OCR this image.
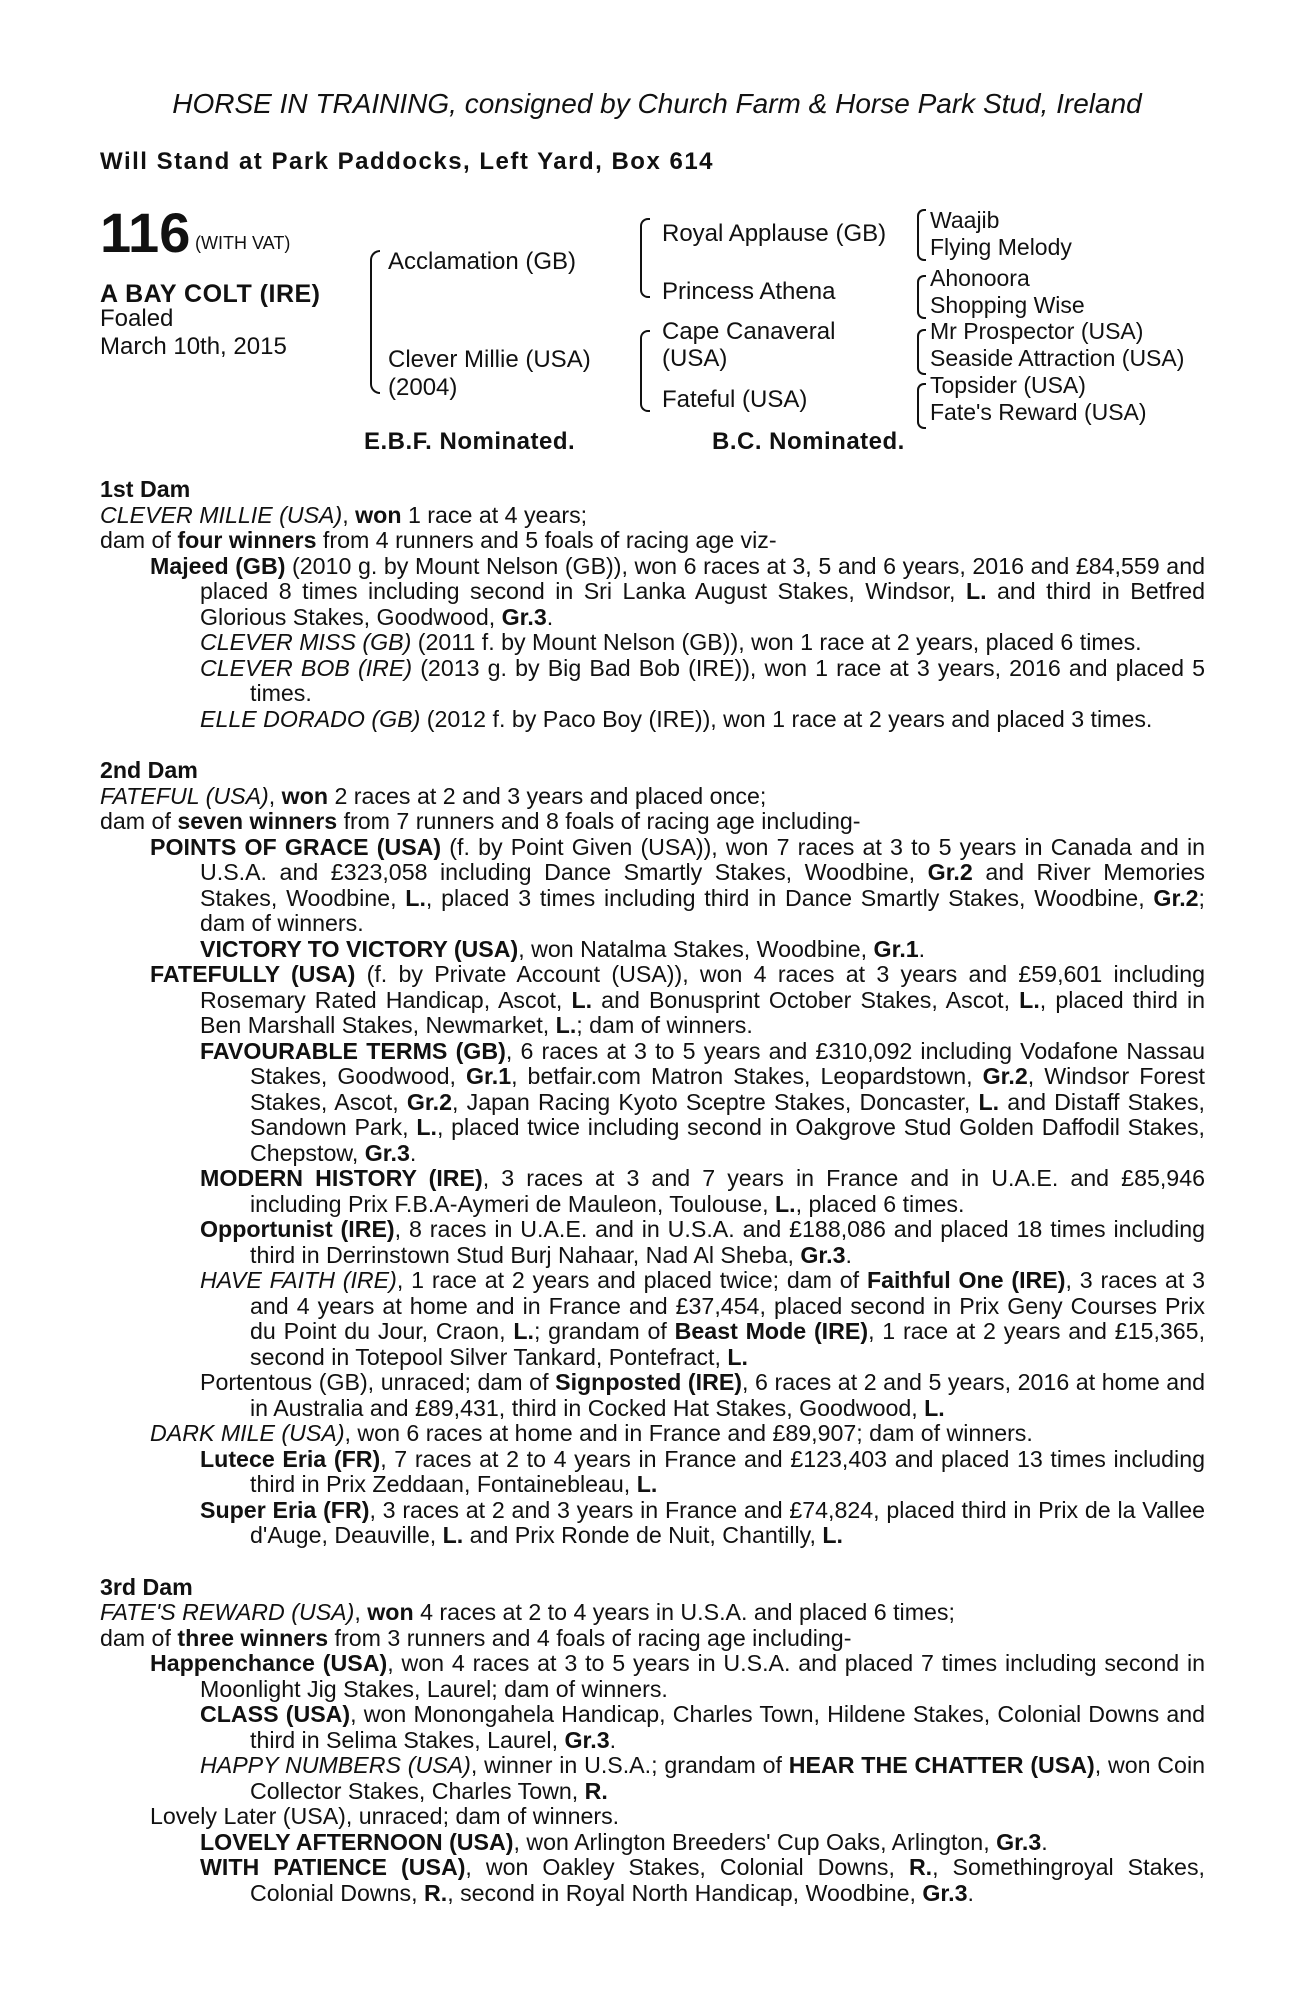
HORSE IN TRAINING, consigned by Church Farm & Horse Park Stud, Ireland
Will Stand at Park Paddocks, Left Yard, Box 614
116 (WITH VAT)
A BAY COLT (IRE)
Foaled
March 10th, 2015
Acclamation (GB)
Clever Millie (USA)
(2004)
Royal Applause (GB)
Princess Athena
Cape Canaveral
(USA)
Fateful (USA)
Waajib
Flying Melody
Ahonoora
Shopping Wise
Mr Prospector (USA)
Seaside Attraction (USA)
Topsider (USA)
Fate's Reward (USA)
E.B.F. Nominated.	B.C. Nominated.

1st Dam

CLEVER MILLIE (USA), won 1 race at 4 years;

dam of four winners from 4 runners and 5 foals of racing age viz-

Majeed (GB) (2010 g. by Mount Nelson (GB)), won 6 races at 3, 5 and 6 years, 2016 and £84,559 and placed 8 times including second in Sri Lanka August Stakes, Windsor, L. and third in Betfred Glorious Stakes, Goodwood, Gr.3.

CLEVER MISS (GB) (2011 f. by Mount Nelson (GB)), won 1 race at 2 years, placed 6 times.

CLEVER BOB (IRE) (2013 g. by Big Bad Bob (IRE)), won 1 race at 3 years, 2016 and placed 5 times.

ELLE DORADO (GB) (2012 f. by Paco Boy (IRE)), won 1 race at 2 years and placed 3 times.

2nd Dam

FATEFUL (USA), won 2 races at 2 and 3 years and placed once;

dam of seven winners from 7 runners and 8 foals of racing age including-

POINTS OF GRACE (USA) (f. by Point Given (USA)), won 7 races at 3 to 5 years in Canada and in U.S.A. and £323,058 including Dance Smartly Stakes, Woodbine, Gr.2 and River Memories Stakes, Woodbine, L., placed 3 times including third in Dance Smartly Stakes, Woodbine, Gr.2; dam of winners.

VICTORY TO VICTORY (USA), won Natalma Stakes, Woodbine, Gr.1.

FATEFULLY (USA) (f. by Private Account (USA)), won 4 races at 3 years and £59,601 including Rosemary Rated Handicap, Ascot, L. and Bonusprint October Stakes, Ascot, L., placed third in Ben Marshall Stakes, Newmarket, L.; dam of winners.

FAVOURABLE TERMS (GB), 6 races at 3 to 5 years and £310,092 including Vodafone Nassau Stakes, Goodwood, Gr.1, betfair.com Matron Stakes, Leopardstown, Gr.2, Windsor Forest Stakes, Ascot, Gr.2, Japan Racing Kyoto Sceptre Stakes, Doncaster, L. and Distaff Stakes, Sandown Park, L., placed twice including second in Oakgrove Stud Golden Daffodil Stakes, Chepstow, Gr.3.

MODERN HISTORY (IRE), 3 races at 3 and 7 years in France and in U.A.E. and £85,946 including Prix F.B.A-Aymeri de Mauleon, Toulouse, L., placed 6 times.

Opportunist (IRE), 8 races in U.A.E. and in U.S.A. and £188,086 and placed 18 times including third in Derrinstown Stud Burj Nahaar, Nad Al Sheba, Gr.3.

HAVE FAITH (IRE), 1 race at 2 years and placed twice; dam of Faithful One (IRE), 3 races at 3 and 4 years at home and in France and £37,454, placed second in Prix Geny Courses Prix du Point du Jour, Craon, L.; grandam of Beast Mode (IRE), 1 race at 2 years and £15,365, second in Totepool Silver Tankard, Pontefract, L.

Portentous (GB), unraced; dam of Signposted (IRE), 6 races at 2 and 5 years, 2016 at home and in Australia and £89,431, third in Cocked Hat Stakes, Goodwood, L.

DARK MILE (USA), won 6 races at home and in France and £89,907; dam of winners.

Lutece Eria (FR), 7 races at 2 to 4 years in France and £123,403 and placed 13 times including third in Prix Zeddaan, Fontainebleau, L.

Super Eria (FR), 3 races at 2 and 3 years in France and £74,824, placed third in Prix de la Vallee d'Auge, Deauville, L. and Prix Ronde de Nuit, Chantilly, L.

3rd Dam

FATE'S REWARD (USA), won 4 races at 2 to 4 years in U.S.A. and placed 6 times;

dam of three winners from 3 runners and 4 foals of racing age including-

Happenchance (USA), won 4 races at 3 to 5 years in U.S.A. and placed 7 times including second in Moonlight Jig Stakes, Laurel; dam of winners.

CLASS (USA), won Monongahela Handicap, Charles Town, Hildene Stakes, Colonial Downs and third in Selima Stakes, Laurel, Gr.3.

HAPPY NUMBERS (USA), winner in U.S.A.; grandam of HEAR THE CHATTER (USA), won Coin Collector Stakes, Charles Town, R.

Lovely Later (USA), unraced; dam of winners.

LOVELY AFTERNOON (USA), won Arlington Breeders' Cup Oaks, Arlington, Gr.3.

WITH PATIENCE (USA), won Oakley Stakes, Colonial Downs, R., Somethingroyal Stakes, Colonial Downs, R., second in Royal North Handicap, Woodbine, Gr.3.
